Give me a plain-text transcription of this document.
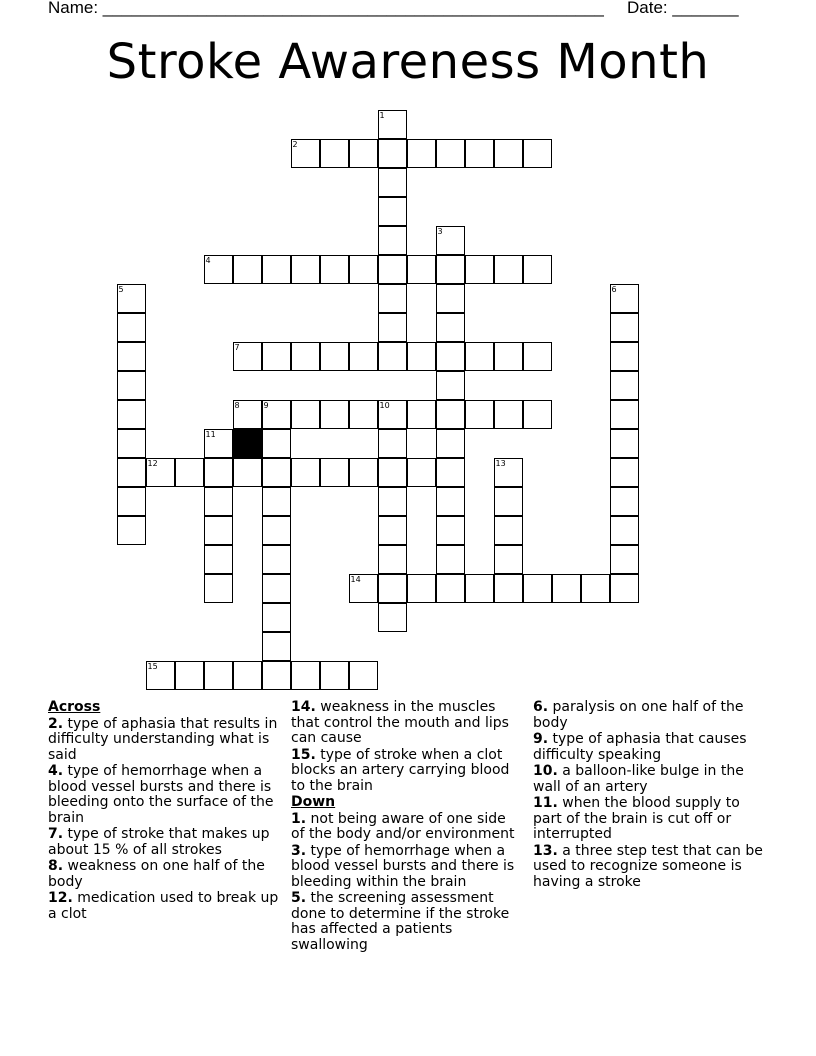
Name: _____________________________________________________ Date: _______
Stroke Awareness Month
1
2
3
4
5	6
7
8	9	10
11
12	13
14
15
Across
2. type of aphasia that results in difficulty understanding what is said
4. type of hemorrhage when a blood vessel bursts and there is bleeding onto the surface of the brain
7. type of stroke that makes up about 15 % of all strokes
8. weakness on one half of the body
12. medication used to break up a clot
14. weakness in the muscles that control the mouth and lips can cause
15. type of stroke when a clot blocks an artery carrying blood to the brain
Down
1. not being aware of one side of the body and/or environment
3. type of hemorrhage when a blood vessel bursts and there is bleeding within the brain
5. the screening assessment done to determine if the stroke has affected a patients swallowing
6. paralysis on one half of the body
9. type of aphasia that causes difficulty speaking
10. a balloon-like bulge in the wall of an artery
11. when the blood supply to part of the brain is cut off or interrupted
13. a three step test that can be used to recognize someone is having a stroke
